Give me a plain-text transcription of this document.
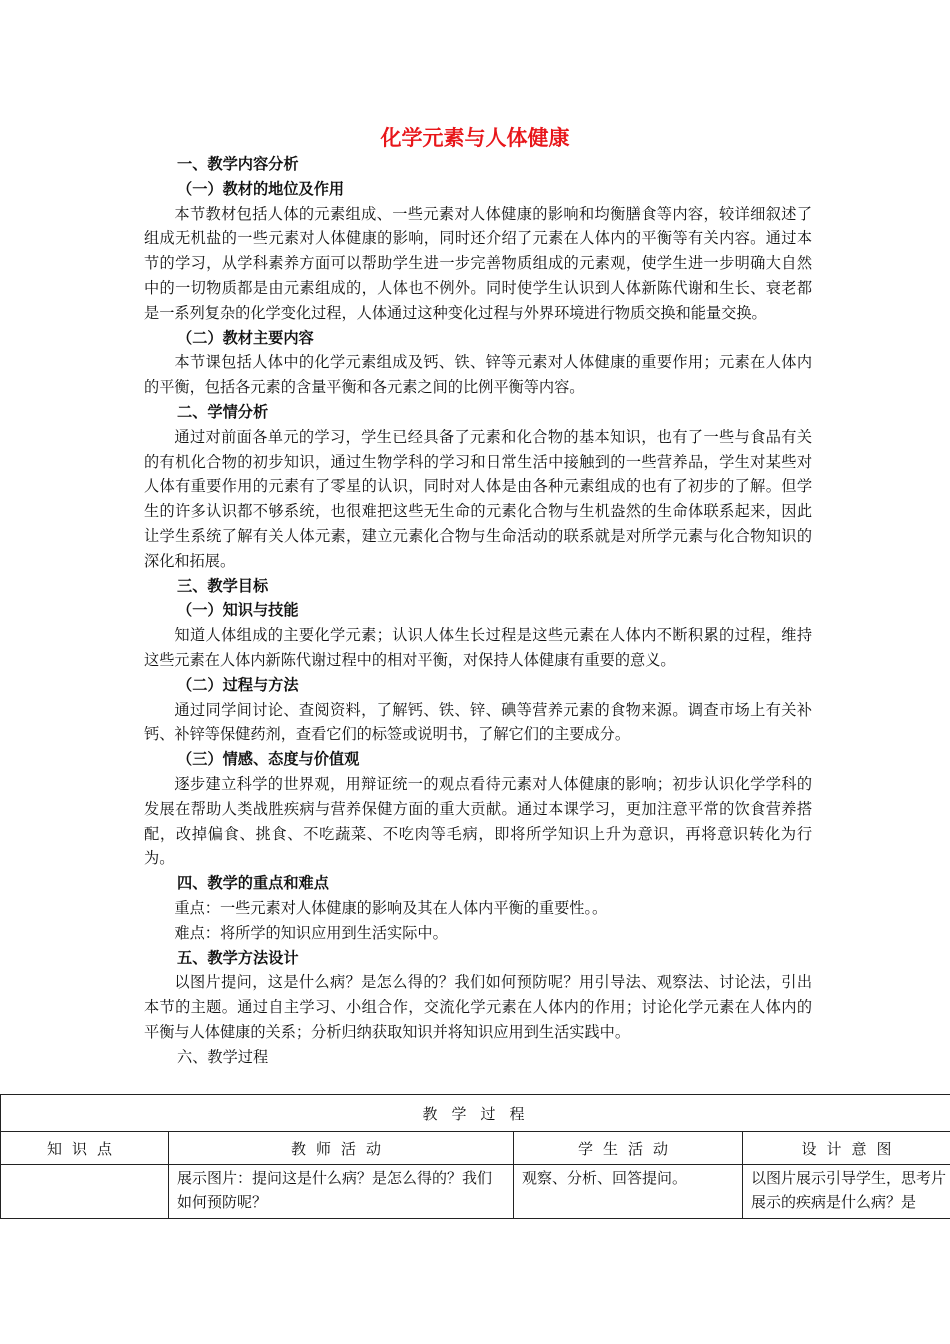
化学元素与人体健康
一、教学内容分析
（一）教材的地位及作用

本节教材包括人体的元素组成、一些元素对人体健康的影响和均衡膳食等内容，较详细叙述了组成无机盐的一些元素对人体健康的影响，同时还介绍了元素在人体内的平衡等有关内容。通过本节的学习，从学科素养方面可以帮助学生进一步完善物质组成的元素观，使学生进一步明确大自然中的一切物质都是由元素组成的，人体也不例外。同时使学生认识到人体新陈代谢和生长、衰老都是一系列复杂的化学变化过程，人体通过这种变化过程与外界环境进行物质交换和能量交换。

（二）教材主要内容

本节课包括人体中的化学元素组成及钙、铁、锌等元素对人体健康的重要作用；元素在人体内的平衡，包括各元素的含量平衡和各元素之间的比例平衡等内容。

二、学情分析

通过对前面各单元的学习，学生已经具备了元素和化合物的基本知识，也有了一些与食品有关的有机化合物的初步知识，通过生物学科的学习和日常生活中接触到的一些营养品，学生对某些对人体有重要作用的元素有了零星的认识，同时对人体是由各种元素组成的也有了初步的了解。但学生的许多认识都不够系统，也很难把这些无生命的元素化合物与生机盎然的生命体联系起来，因此让学生系统了解有关人体元素，建立元素化合物与生命活动的联系就是对所学元素与化合物知识的深化和拓展。

三、教学目标
（一）知识与技能

知道人体组成的主要化学元素；认识人体生长过程是这些元素在人体内不断积累的过程，维持这些元素在人体内新陈代谢过程中的相对平衡，对保持人体健康有重要的意义。

（二）过程与方法

通过同学间讨论、查阅资料，了解钙、铁、锌、碘等营养元素的食物来源。调查市场上有关补钙、补锌等保健药剂，查看它们的标签或说明书，了解它们的主要成分。

（三）情感、态度与价值观

逐步建立科学的世界观，用辩证统一的观点看待元素对人体健康的影响；初步认识化学学科的发展在帮助人类战胜疾病与营养保健方面的重大贡献。通过本课学习，更加注意平常的饮食营养搭配，改掉偏食、挑食、不吃蔬菜、不吃肉等毛病，即将所学知识上升为意识，再将意识转化为行为。

四、教学的重点和难点

重点：一些元素对人体健康的影响及其在人体内平衡的重要性。。

难点：将所学的知识应用到生活实际中。

五、教学方法设计

以图片提问，这是什么病？是怎么得的？我们如何预防呢？用引导法、观察法、讨论法，引出本节的主题。通过自主学习、小组合作，交流化学元素在人体内的作用；讨论化学元素在人体内的平衡与人体健康的关系；分析归纳获取知识并将知识应用到生活实践中。

六、教学过程
教学过程			
知识点	教师活动	学生活动	设计意图
	展示图片：提问这是什么病？是怎么得的？我们如何预防呢？	观察、分析、回答提问。	以图片展示引导学生，思考片展示的疾病是什么病？是
